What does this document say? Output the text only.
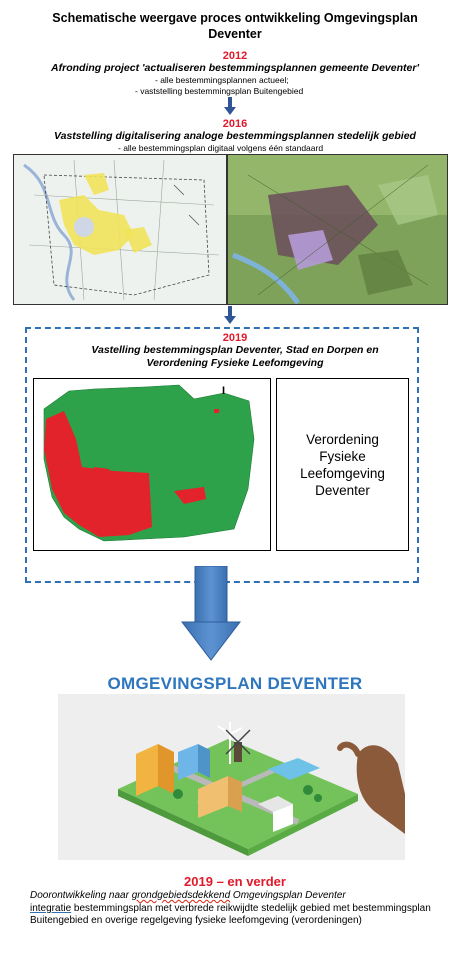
Schematische weergave proces ontwikkeling Omgevingsplan Deventer
2012
Afronding project 'actualiseren bestemmingsplannen gemeente Deventer'
- alle bestemmingsplannen actueel;
- vaststelling bestemmingsplan Buitengebied
2016
Vaststelling digitalisering analoge bestemmingsplannen stedelijk gebied
- alle bestemmingsplan digitaal volgens één standaard
2019
Vastelling bestemmingsplan Deventer, Stad en Dorpen en
Verordening Fysieke Leefomgeving
I
Verordening
Fysieke
Leefomgeving
Deventer
OMGEVINGSPLAN DEVENTER
2019 – en verder
Doorontwikkeling naar grondgebiedsdekkend Omgevingsplan Deventer
integratie bestemmingsplan met verbrede reikwijdte stedelijk gebied met bestemmingsplan
Buitengebied en overige regelgeving fysieke leefomgeving (verordeningen)
